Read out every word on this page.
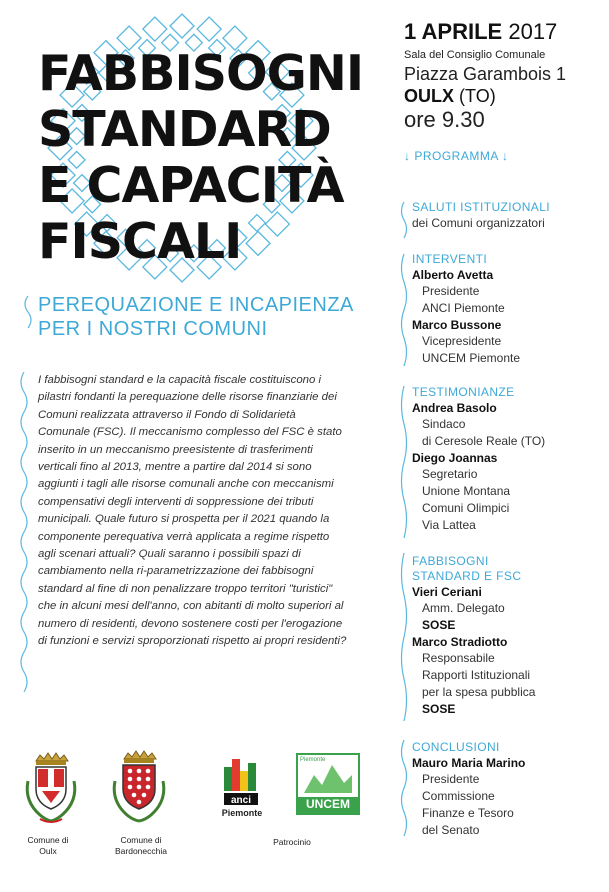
FABBISOGNI
STANDARD
E CAPACITÀ
FISCALI
PEREQUAZIONE E INCAPIENZA
PER I NOSTRI COMUNI

I fabbisogni standard e la capacità fiscale costituiscono i pilastri fondanti la perequazione delle risorse finanziarie dei Comuni realizzata attraverso il Fondo di Solidarietà Comunale (FSC). Il meccanismo complesso del FSC è stato inserito in un meccanismo preesistente di trasferimenti verticali fino al 2013, mentre a partire dal 2014 si sono aggiunti i tagli alle risorse comunali anche con meccanismi compensativi degli interventi di soppressione dei tributi municipali. Quale futuro si prospetta per il 2021 quando la componente perequativa verrà applicata a regime rispetto agli scenari attuali? Quali saranno i possibili spazi di cambiamento nella ri-parametrizzazione dei fabbisogni standard al fine di non penalizzare troppo territori "turistici" che in alcuni mesi dell'anno, con abitanti di molto superiori al numero di residenti, devono sostenere costi per l'erogazione di funzioni e servizi sproporzionati rispetto ai propri residenti?

Comune di
Oulx
Comune di
Bardonecchia
anci
Piemonte
Piemonte
UNCEM
Patrocinio
1 APRILE 2017
Sala del Consiglio Comunale
Piazza Garambois 1
OULX (TO)
ore 9.30
↓ PROGRAMMA ↓
SALUTI ISTITUZIONALI
dei Comuni organizzatori
INTERVENTI
Alberto Avetta
Presidente
ANCI Piemonte
Marco Bussone
Vicepresidente
UNCEM Piemonte
TESTIMONIANZE
Andrea Basolo
Sindaco
di Ceresole Reale (TO)
Diego Joannas
Segretario
Unione Montana
Comuni Olimpici
Via Lattea
FABBISOGNI
STANDARD E FSC
Vieri Ceriani
Amm. Delegato
SOSE
Marco Stradiotto
Responsabile
Rapporti Istituzionali
per la spesa pubblica
SOSE
CONCLUSIONI
Mauro Maria Marino
Presidente
Commissione
Finanze e Tesoro
del Senato
